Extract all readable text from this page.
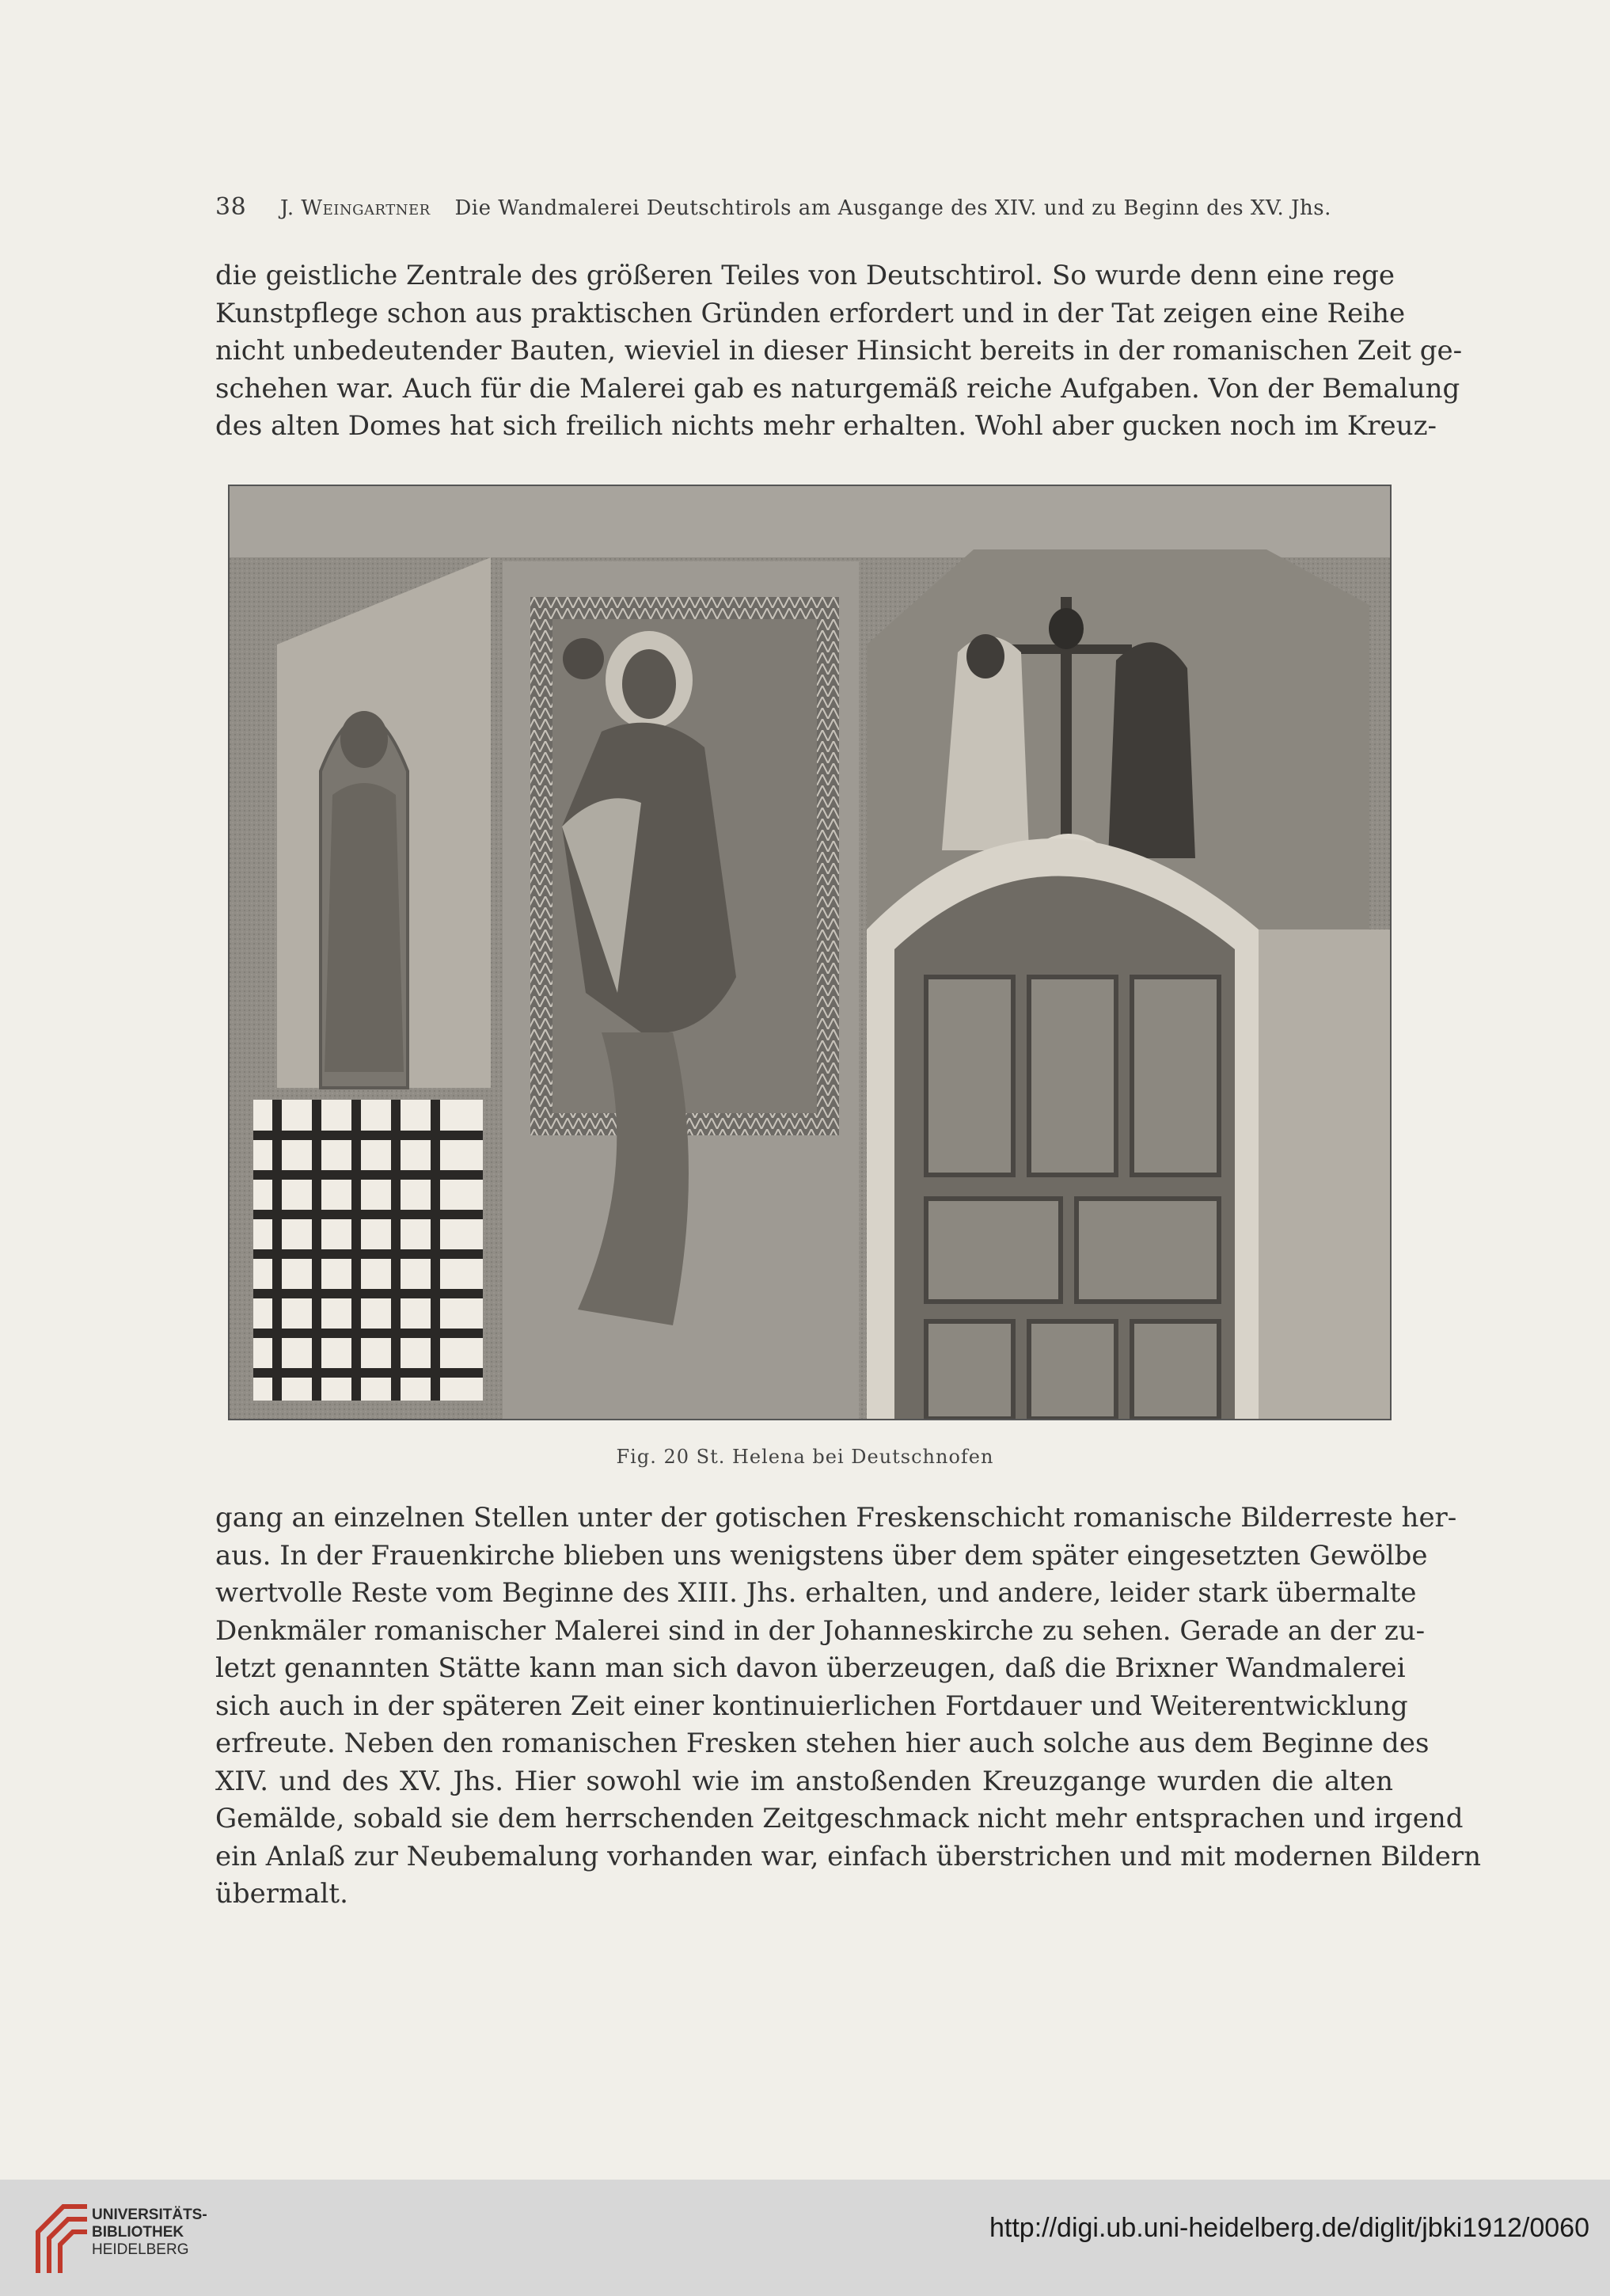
38 J. Weingartner Die Wandmalerei Deutschtirols am Ausgange des XIV. und zu Beginn des XV. Jhs.
die geistliche Zentrale des größeren Teiles von Deutschtirol. So wurde denn eine rege
Kunstpflege schon aus praktischen Gründen erfordert und in der Tat zeigen eine Reihe
nicht unbedeutender Bauten, wieviel in dieser Hinsicht bereits in der romanischen Zeit ge-
schehen war. Auch für die Malerei gab es naturgemäß reiche Aufgaben. Von der Bemalung
des alten Domes hat sich freilich nichts mehr erhalten. Wohl aber gucken noch im Kreuz-
Fig. 20 St. Helena bei Deutschnofen
gang an einzelnen Stellen unter der gotischen Freskenschicht romanische Bilderreste her-
aus. In der Frauenkirche blieben uns wenigstens über dem später eingesetzten Gewölbe
wertvolle Reste vom Beginne des XIII. Jhs. erhalten, und andere, leider stark übermalte
Denkmäler romanischer Malerei sind in der Johanneskirche zu sehen. Gerade an der zu-
letzt genannten Stätte kann man sich davon überzeugen, daß die Brixner Wandmalerei
sich auch in der späteren Zeit einer kontinuierlichen Fortdauer und Weiterentwicklung
erfreute. Neben den romanischen Fresken stehen hier auch solche aus dem Beginne des
XIV. und des XV. Jhs. Hier sowohl wie im anstoßenden Kreuzgange wurden die alten
Gemälde, sobald sie dem herrschenden Zeitgeschmack nicht mehr entsprachen und irgend
ein Anlaß zur Neubemalung vorhanden war, einfach überstrichen und mit modernen Bildern
übermalt.
UNIVERSITÄTS-
BIBLIOTHEK
HEIDELBERG
http://digi.ub.uni-heidelberg.de/diglit/jbki1912/0060
